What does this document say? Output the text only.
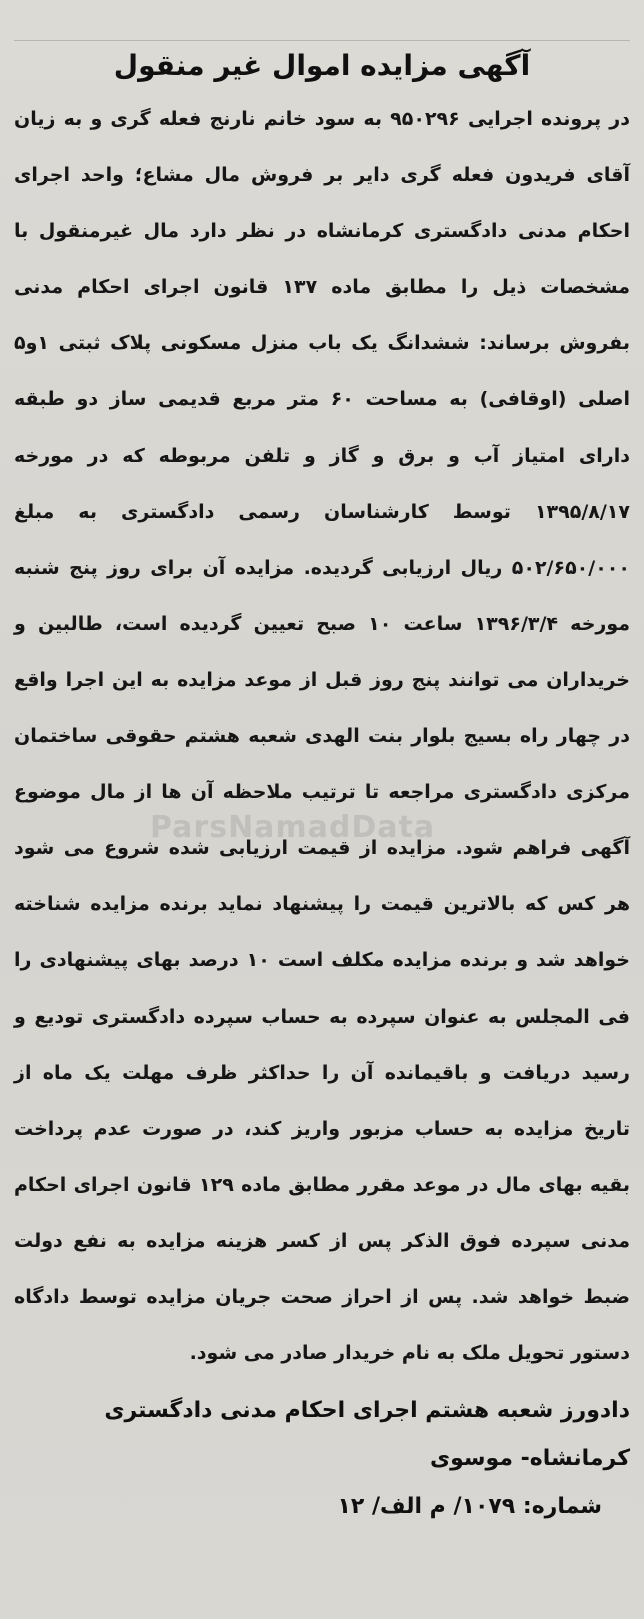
آگهی مزایده اموال غیر منقول

در پرونده اجرایی ۹۵۰۲۹۶ به سود خانم نارنج فعله گری و به زیان آقای فریدون فعله گری دایر بر فروش مال مشاع؛ واحد اجرای احکام مدنی دادگستری کرمانشاه در نظر دارد مال غیرمنقول با مشخصات ذیل را مطابق ماده ۱۳۷ قانون اجرای احکام مدنی بفروش برساند: ششدانگ یک باب منزل مسکونی پلاک ثبتی ۱و۵ اصلی (اوقافی) به مساحت ۶۰ متر مربع قدیمی ساز دو طبقه دارای امتیاز آب و برق و گاز و تلفن مربوطه که در مورخه ۱۳۹۵/۸/۱۷ توسط کارشناسان رسمی دادگستری به مبلغ ۵۰۲/۶۵۰/۰۰۰ ریال ارزیابی گردیده. مزایده آن برای روز پنج شنبه مورخه ۱۳۹۶/۳/۴ ساعت ۱۰ صبح تعیین گردیده است، طالبین و خریداران می توانند پنج روز قبل از موعد مزایده به این اجرا واقع در چهار راه بسیج بلوار بنت الهدی شعبه هشتم حقوقی ساختمان مرکزی دادگستری مراجعه تا ترتیب ملاحظه آن ها از مال موضوع آگهی فراهم شود. مزایده از قیمت ارزیابی شده شروع می شود هر کس که بالاترین قیمت را پیشنهاد نماید برنده مزایده شناخته خواهد شد و برنده مزایده مکلف است ۱۰ درصد بهای پیشنهادی را فی المجلس به عنوان سپرده به حساب سپرده دادگستری تودیع و رسید دریافت و باقیمانده آن را حداکثر ظرف مهلت یک ماه از تاریخ مزایده به حساب مزبور واریز کند، در صورت عدم پرداخت بقیه بهای مال در موعد مقرر مطابق ماده ۱۲۹ قانون اجرای احکام مدنی سپرده فوق الذکر پس از کسر هزینه مزایده به نفع دولت ضبط خواهد شد. پس از احراز صحت جریان مزایده توسط دادگاه دستور تحویل ملک به نام خریدار صادر می شود.

دادورز شعبه هشتم اجرای احکام مدنی دادگستری
کرمانشاه- موسوی
شماره: ۱۰۷۹/ م الف/ ۱۲
ParsNamadData
